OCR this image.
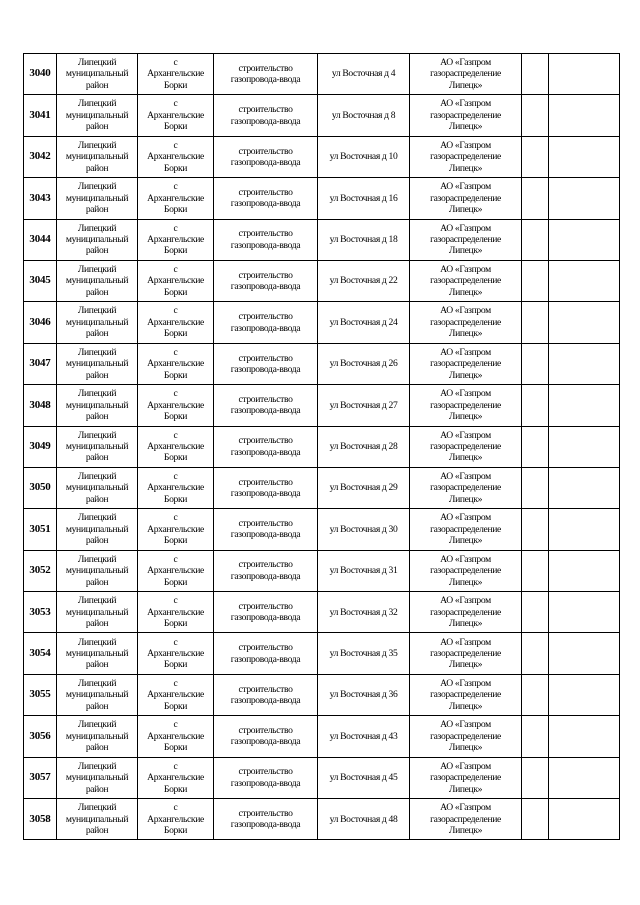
3040	Липецкий
муниципальный
район	с
Архангельские
Борки	строительство
газопровода-ввода	ул Восточная д 4	АО «Газпром
газораспределение
Липецк»		

3041	Липецкий
муниципальный
район	с
Архангельские
Борки	строительство
газопровода-ввода	ул Восточная д 8	АО «Газпром
газораспределение
Липецк»		

3042	Липецкий
муниципальный
район	с
Архангельские
Борки	строительство
газопровода-ввода	ул Восточная д 10	АО «Газпром
газораспределение
Липецк»		

3043	Липецкий
муниципальный
район	с
Архангельские
Борки	строительство
газопровода-ввода	ул Восточная д 16	АО «Газпром
газораспределение
Липецк»		

3044	Липецкий
муниципальный
район	с
Архангельские
Борки	строительство
газопровода-ввода	ул Восточная д 18	АО «Газпром
газораспределение
Липецк»		

3045	Липецкий
муниципальный
район	с
Архангельские
Борки	строительство
газопровода-ввода	ул Восточная д 22	АО «Газпром
газораспределение
Липецк»		

3046	Липецкий
муниципальный
район	с
Архангельские
Борки	строительство
газопровода-ввода	ул Восточная д 24	АО «Газпром
газораспределение
Липецк»		

3047	Липецкий
муниципальный
район	с
Архангельские
Борки	строительство
газопровода-ввода	ул Восточная д 26	АО «Газпром
газораспределение
Липецк»		

3048	Липецкий
муниципальный
район	с
Архангельские
Борки	строительство
газопровода-ввода	ул Восточная д 27	АО «Газпром
газораспределение
Липецк»		

3049	Липецкий
муниципальный
район	с
Архангельские
Борки	строительство
газопровода-ввода	ул Восточная д 28	АО «Газпром
газораспределение
Липецк»		

3050	Липецкий
муниципальный
район	с
Архангельские
Борки	строительство
газопровода-ввода	ул Восточная д 29	АО «Газпром
газораспределение
Липецк»		

3051	Липецкий
муниципальный
район	с
Архангельские
Борки	строительство
газопровода-ввода	ул Восточная д 30	АО «Газпром
газораспределение
Липецк»		

3052	Липецкий
муниципальный
район	с
Архангельские
Борки	строительство
газопровода-ввода	ул Восточная д 31	АО «Газпром
газораспределение
Липецк»		

3053	Липецкий
муниципальный
район	с
Архангельские
Борки	строительство
газопровода-ввода	ул Восточная д 32	АО «Газпром
газораспределение
Липецк»		

3054	Липецкий
муниципальный
район	с
Архангельские
Борки	строительство
газопровода-ввода	ул Восточная д 35	АО «Газпром
газораспределение
Липецк»		

3055	Липецкий
муниципальный
район	с
Архангельские
Борки	строительство
газопровода-ввода	ул Восточная д 36	АО «Газпром
газораспределение
Липецк»		

3056	Липецкий
муниципальный
район	с
Архангельские
Борки	строительство
газопровода-ввода	ул Восточная д 43	АО «Газпром
газораспределение
Липецк»		

3057	Липецкий
муниципальный
район	с
Архангельские
Борки	строительство
газопровода-ввода	ул Восточная д 45	АО «Газпром
газораспределение
Липецк»		

3058	Липецкий
муниципальный
район	с
Архангельские
Борки	строительство
газопровода-ввода	ул Восточная д 48	АО «Газпром
газораспределение
Липецк»		
